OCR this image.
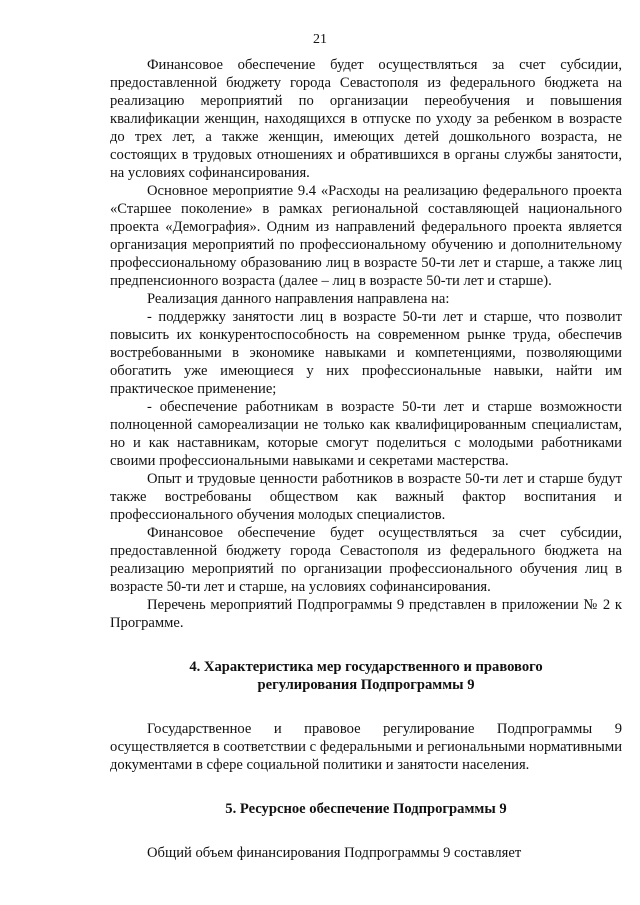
21

Финансовое обеспечение будет осуществляться за счет субсидии, предоставленной бюджету города Севастополя из федерального бюджета на реализацию мероприятий по организации переобучения и повышения квалификации женщин, находящихся в отпуске по уходу за ребенком в возрасте до трех лет, а также женщин, имеющих детей дошкольного возраста, не состоящих в трудовых отношениях и обратившихся в органы службы занятости, на условиях софинансирования.

Основное мероприятие 9.4 «Расходы на реализацию федерального проекта «Старшее поколение» в рамках региональной составляющей национального проекта «Демография». Одним из направлений федерального проекта является организация мероприятий по профессиональному обучению и дополнительному профессиональному образованию лиц в возрасте 50-ти лет и старше, а также лиц предпенсионного возраста (далее – лиц в возрасте 50-ти лет и старше).

Реализация данного направления направлена на:

- поддержку занятости лиц в возрасте 50-ти лет и старше, что позволит повысить их конкурентоспособность на современном рынке труда, обеспечив востребованными в экономике навыками и компетенциями, позволяющими обогатить уже имеющиеся у них профессиональные навыки, найти им практическое применение;

- обеспечение работникам в возрасте 50-ти лет и старше возможности полноценной самореализации не только как квалифицированным специалистам, но и как наставникам, которые смогут поделиться с молодыми работниками своими профессиональными навыками и секретами мастерства.

Опыт и трудовые ценности работников в возрасте 50-ти лет и старше будут также востребованы обществом как важный фактор воспитания и профессионального обучения молодых специалистов.

Финансовое обеспечение будет осуществляться за счет субсидии, предоставленной бюджету города Севастополя из федерального бюджета на реализацию мероприятий по организации профессионального обучения лиц в возрасте 50-ти лет и старше, на условиях софинансирования.

Перечень мероприятий Подпрограммы 9 представлен в приложении № 2 к Программе.

4. Характеристика мер государственного и правового

регулирования Подпрограммы 9

Государственное и правовое регулирование Подпрограммы 9 осуществляется в соответствии с федеральными и региональными нормативными документами в сфере социальной политики и занятости населения.

5. Ресурсное обеспечение Подпрограммы 9

Общий объем финансирования Подпрограммы 9 составляет
